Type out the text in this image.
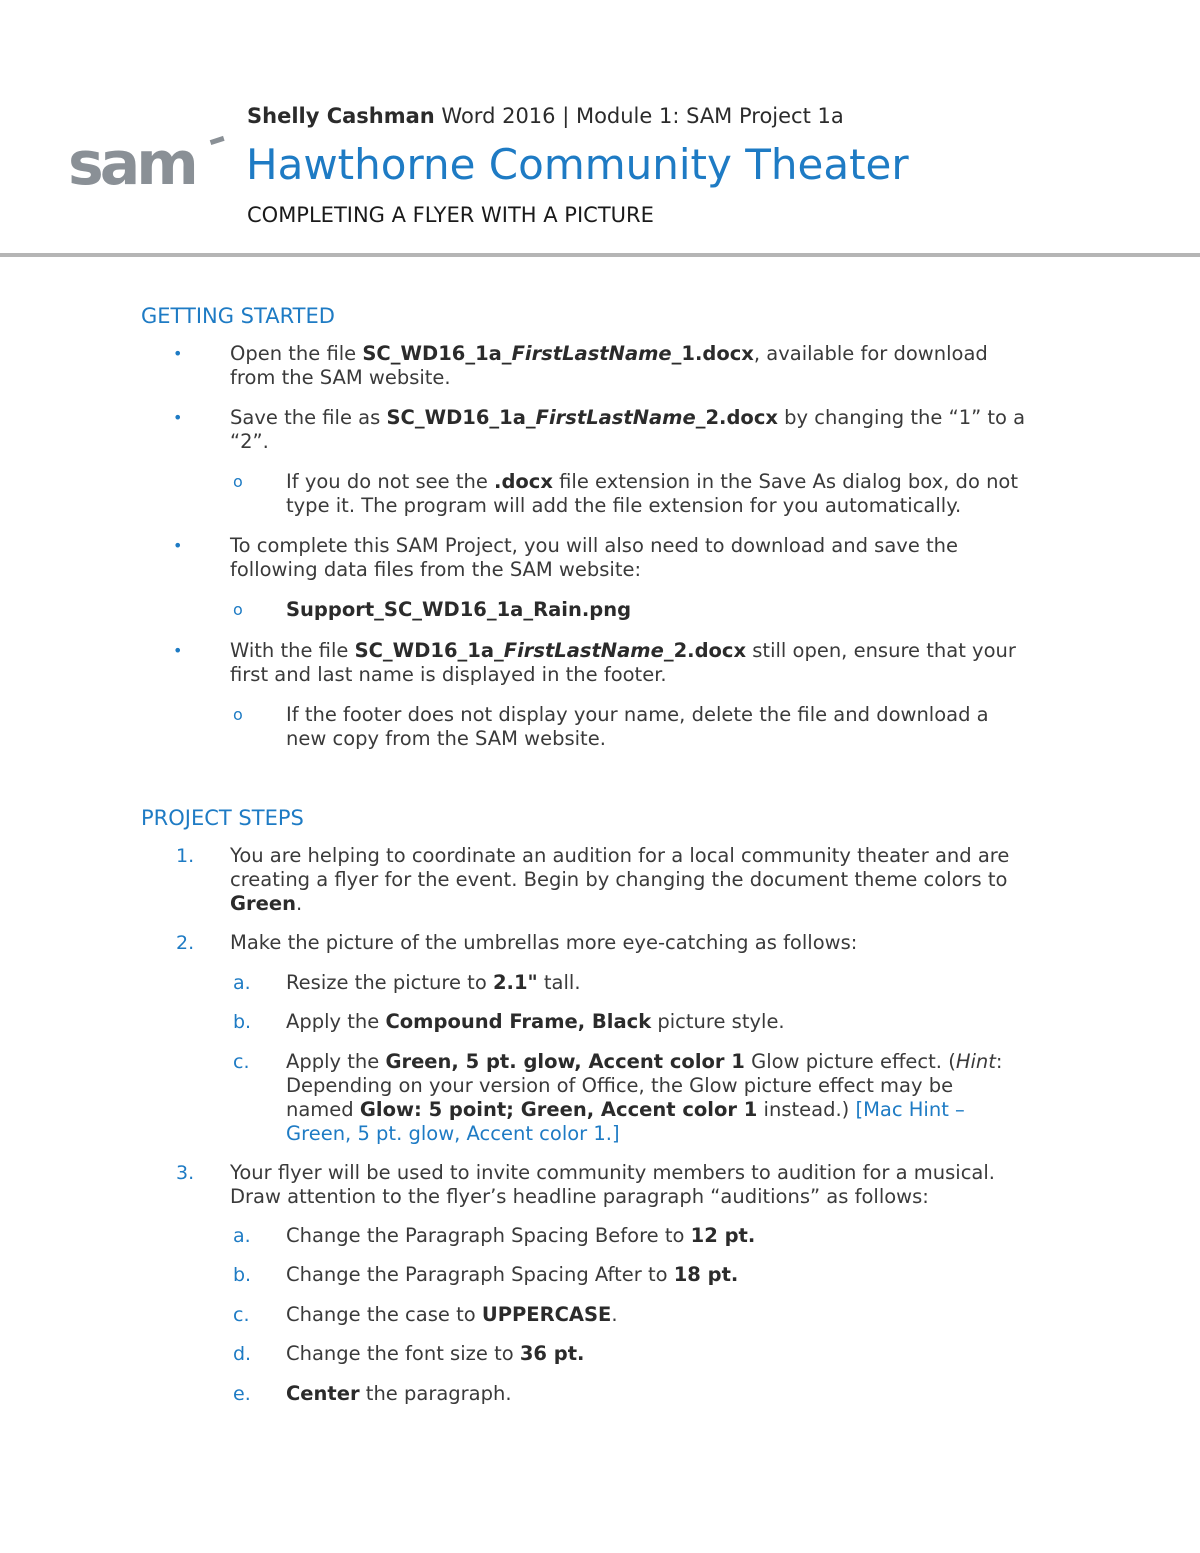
sam
Shelly Cashman Word 2016 | Module 1: SAM Project 1a
Hawthorne Community Theater
COMPLETING A FLYER WITH A PICTURE
GETTING STARTED
• Open the file SC_WD16_1a_FirstLastName_1.docx, available for download from the SAM website.
• Save the file as SC_WD16_1a_FirstLastName_2.docx by changing the “1” to a “2”.
o If you do not see the .docx file extension in the Save As dialog box, do not type it. The program will add the file extension for you automatically.
• To complete this SAM Project, you will also need to download and save the following data files from the SAM website:
o Support_SC_WD16_1a_Rain.png
• With the file SC_WD16_1a_FirstLastName_2.docx still open, ensure that your first and last name is displayed in the footer.
o If the footer does not display your name, delete the file and download a new copy from the SAM website.
PROJECT STEPS
1. You are helping to coordinate an audition for a local community theater and are creating a flyer for the event. Begin by changing the document theme colors to Green.
2. Make the picture of the umbrellas more eye-catching as follows:
a. Resize the picture to 2.1" tall.
b. Apply the Compound Frame, Black picture style.
c. Apply the Green, 5 pt. glow, Accent color 1 Glow picture effect. (Hint: Depending on your version of Office, the Glow picture effect may be named Glow: 5 point; Green, Accent color 1 instead.) [Mac Hint – Green, 5 pt. glow, Accent color 1.]
3. Your flyer will be used to invite community members to audition for a musical. Draw attention to the flyer’s headline paragraph “auditions” as follows:
a. Change the Paragraph Spacing Before to 12 pt.
b. Change the Paragraph Spacing After to 18 pt.
c. Change the case to UPPERCASE.
d. Change the font size to 36 pt.
e. Center the paragraph.
